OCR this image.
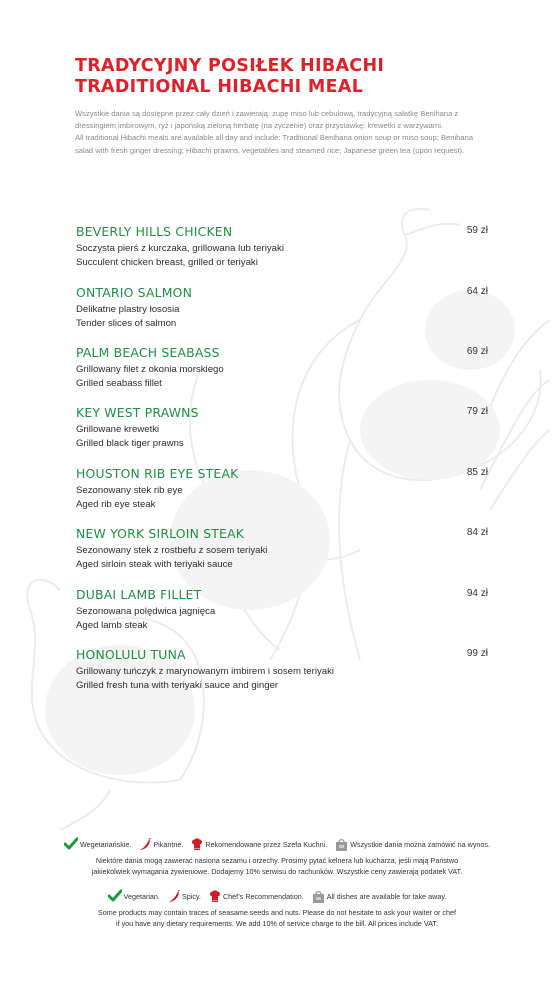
TRADYCYJNY POSIŁEK HIBACHI
TRADITIONAL HIBACHI MEAL

Wszystkie dania są dostępne przez cały dzień i zawierają: zupę miso lub cebulową, tradycyjną sałatkę Benihana z dressingiem imbirowym, ryż i japońską zieloną herbatę (na życzenie) oraz przystawkę: krewetki z warzywami.

All traditional Hibachi meals are available all day and include: Traditional Benihana onion soup or miso soup; Benihana salad with fresh ginger dressing; Hibachi prawns, vegetables and steamed rice; Japanese green tea (upon request).

BEVERLY HILLS CHICKEN	59 zł
Soczysta pierś z kurczaka, grillowana lub teriyaki
Succulent chicken breast, grilled or teriyaki
ONTARIO SALMON	64 zł
Delikatne plastry łososia
Tender slices of salmon
PALM BEACH SEABASS	69 zł
Grillowany filet z okonia morskiego
Grilled seabass fillet
KEY WEST PRAWNS	79 zł
Grillowane krewetki
Grilled black tiger prawns
HOUSTON RIB EYE STEAK	85 zł
Sezonowany stek rib eye
Aged rib eye steak
NEW YORK SIRLOIN STEAK	84 zł
Sezonowany stek z rostbefu z sosem teriyaki
Aged sirloin steak with teriyaki sauce
DUBAI LAMB FILLET	94 zł
Sezonowana polędwica jagnięca
Aged lamb steak
HONOLULU TUNA	99 zł
Grillowany tuńczyk z marynowanym imbirem i sosem teriyaki
Grilled fresh tuna with teriyaki sauce and ginger
Wegetariańskie.	Pikantne.	Rekomendowane przez Szefa Kuchni.	Wszystkie dania można zamówić na wynos.
Niektóre dania mogą zawierać nasiona sezamu i orzechy. Prosimy pytać kelnera lub kucharza, jeśli mają Państwo
jakiekolwiek wymagania żywieniowe. Dodajemy 10% serwisu do rachunków. Wszystkie ceny zawierają podatek VAT.
Vegetarian.	Spicy.	Chef’s Recommendation.	All dishes are available for take away.
Some products may contain traces of seasame seeds and nuts. Please do not hesitate to ask your waiter or chef
if you have any dietary requirements. We add 10% of service charge to the bill. All prices include VAT.
